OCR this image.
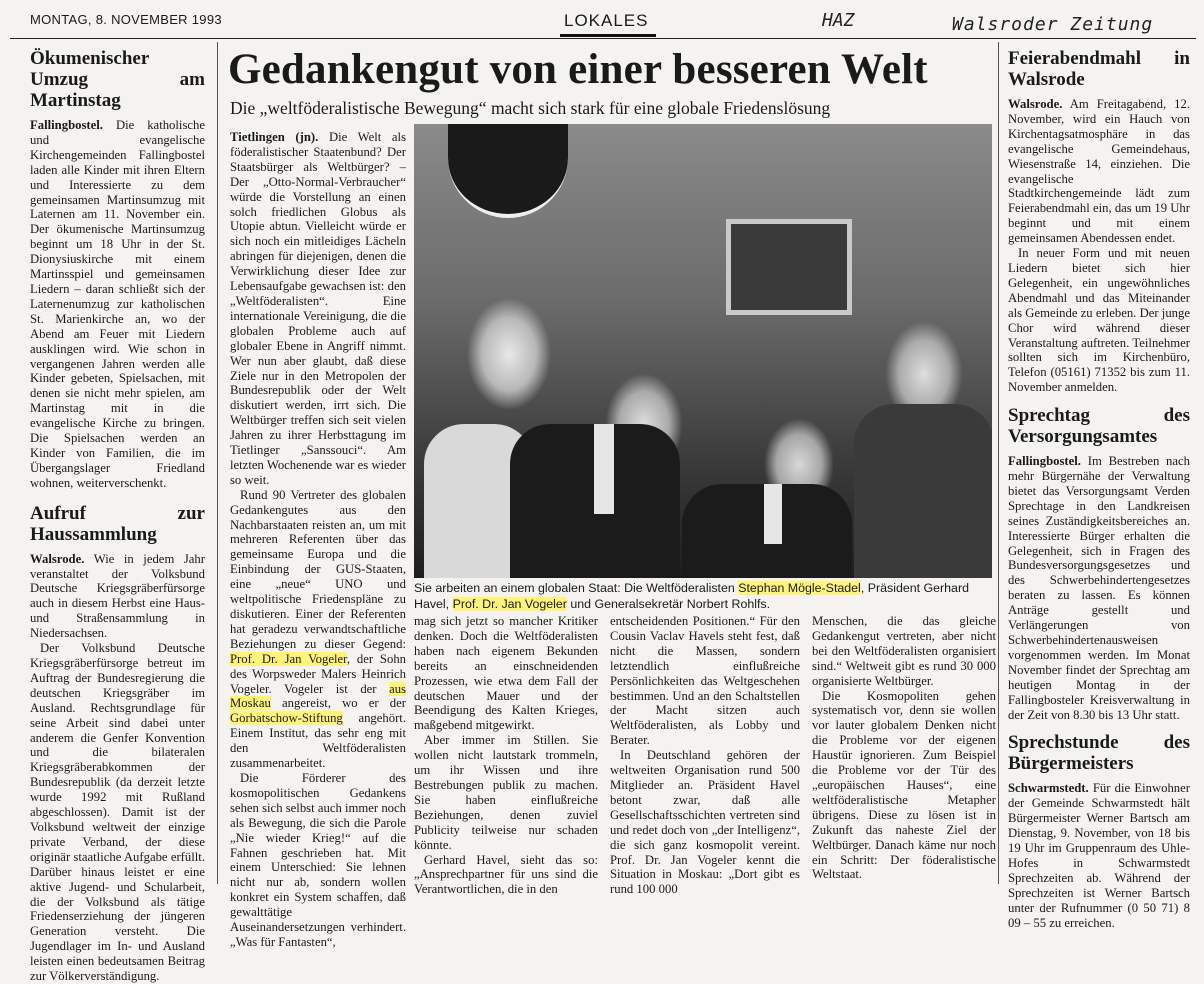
MONTAG, 8. NOVEMBER 1993	LOKALES	HAZ	Walsroder Zeitung
Ökumenischer Umzug am Martinstag

Fallingbostel. Die katholische und evangelische Kirchengemeinden Fallingbostel laden alle Kinder mit ihren Eltern und Interessierte zu dem gemeinsamen Martinsumzug mit Laternen am 11. November ein. Der ökumenische Martinsumzug beginnt um 18 Uhr in der St. Dionysiuskirche mit einem Martinsspiel und gemeinsamen Liedern – daran schließt sich der Laternenumzug zur katholischen St. Marienkirche an, wo der Abend am Feuer mit Liedern ausklingen wird. Wie schon in vergangenen Jahren werden alle Kinder gebeten, Spielsachen, mit denen sie nicht mehr spielen, am Martinstag mit in die evangelische Kirche zu bringen. Die Spielsachen werden an Kinder von Familien, die im Übergangslager Friedland wohnen, weiterverschenkt.

Aufruf zur Haussammlung

Walsrode. Wie in jedem Jahr veranstaltet der Volksbund Deutsche Kriegsgräberfürsorge auch in diesem Herbst eine Haus- und Straßensammlung in Niedersachsen.

Der Volksbund Deutsche Kriegsgräberfürsorge betreut im Auftrag der Bundesregierung die deutschen Kriegsgräber im Ausland. Rechtsgrundlage für seine Arbeit sind dabei unter anderem die Genfer Konvention und die bilateralen Kriegsgräberabkommen der Bundesrepublik (da derzeit letzte wurde 1992 mit Rußland abgeschlossen). Damit ist der Volksbund weltweit der einzige private Verband, der diese originär staatliche Aufgabe erfüllt. Darüber hinaus leistet er eine aktive Jugend- und Schularbeit, die der Volksbund als tätige Friedenserziehung der jüngeren Generation versteht. Die Jugendlager im In- und Ausland leisten einen bedeutsamen Beitrag zur Völkerverständigung.

Gedankengut von einer besseren Welt
Die „weltföderalistische Bewegung“ macht sich stark für eine globale Friedenslösung

Tietlingen (jn). Die Welt als föderalistischer Staatenbund? Der Staatsbürger als Weltbürger? – Der „Otto-Normal-Verbraucher“ würde die Vorstellung an einen solch friedlichen Globus als Utopie abtun. Vielleicht würde er sich noch ein mitleidiges Lächeln abringen für diejenigen, denen die Verwirklichung dieser Idee zur Lebensaufgabe gewachsen ist: den „Weltföderalisten“. Eine internationale Vereinigung, die die globalen Probleme auch auf globaler Ebene in Angriff nimmt. Wer nun aber glaubt, daß diese Ziele nur in den Metropolen der Bundesrepublik oder der Welt diskutiert werden, irrt sich. Die Weltbürger treffen sich seit vielen Jahren zu ihrer Herbsttagung im Tietlinger „Sanssouci“. Am letzten Wochenende war es wieder so weit.

Rund 90 Vertreter des globalen Gedankengutes aus den Nachbarstaaten reisten an, um mit mehreren Referenten über das gemeinsame Europa und die Einbindung der GUS-Staaten, eine „neue“ UNO und weltpolitische Friedenspläne zu diskutieren. Einer der Referenten hat geradezu verwandtschaftliche Beziehungen zu dieser Gegend: Prof. Dr. Jan Vogeler, der Sohn des Worpsweder Malers Heinrich Vogeler. Vogeler ist der aus Moskau angereist, wo er der Gorbatschow-Stiftung angehört. Einem Institut, das sehr eng mit den Weltföderalisten zusammenarbeitet.

Die Förderer des kosmopolitischen Gedankens sehen sich selbst auch immer noch als Bewegung, die sich die Parole „Nie wieder Krieg!“ auf die Fahnen geschrieben hat. Mit einem Unterschied: Sie lehnen nicht nur ab, sondern wollen konkret ein System schaffen, daß gewalttätige Auseinandersetzungen verhindert. „Was für Fantasten“,

Sie arbeiten an einem globalen Staat: Die Weltföderalisten Stephan Mögle-Stadel, Präsident Gerhard Havel, Prof. Dr. Jan Vogeler und Generalsekretär Norbert Rohlfs.

mag sich jetzt so mancher Kritiker denken. Doch die Weltföderalisten haben nach eigenem Bekunden bereits an einschneidenden Prozessen, wie etwa dem Fall der deutschen Mauer und der Beendigung des Kalten Krieges, maßgebend mitgewirkt.

Aber immer im Stillen. Sie wollen nicht lautstark trommeln, um ihr Wissen und ihre Bestrebungen publik zu machen. Sie haben einflußreiche Beziehungen, denen zuviel Publicity teilweise nur schaden könnte.

Gerhard Havel, sieht das so: „Ansprechpartner für uns sind die Verantwortlichen, die in den

entscheidenden Positionen.“ Für den Cousin Vaclav Havels steht fest, daß nicht die Massen, sondern letztendlich einflußreiche Persönlichkeiten das Weltgeschehen bestimmen. Und an den Schaltstellen der Macht sitzen auch Weltföderalisten, als Lobby und Berater.

In Deutschland gehören der weltweiten Organisation rund 500 Mitglieder an. Präsident Havel betont zwar, daß alle Gesellschaftsschichten vertreten sind und redet doch von „der Intelligenz“, die sich ganz kosmopolit vereint. Prof. Dr. Jan Vogeler kennt die Situation in Moskau: „Dort gibt es rund 100 000

Menschen, die das gleiche Gedankengut vertreten, aber nicht bei den Weltföderalisten organisiert sind.“ Weltweit gibt es rund 30 000 organisierte Weltbürger.

Die Kosmopoliten gehen systematisch vor, denn sie wollen vor lauter globalem Denken nicht die Probleme vor der eigenen Haustür ignorieren. Zum Beispiel die Probleme vor der Tür des „europäischen Hauses“, eine weltföderalistische Metapher übrigens. Diese zu lösen ist in Zukunft das naheste Ziel der Weltbürger. Danach käme nur noch ein Schritt: Der föderalistische Weltstaat.

Feierabendmahl in Walsrode

Walsrode. Am Freitagabend, 12. November, wird ein Hauch von Kirchentagsatmosphäre in das evangelische Gemeindehaus, Wiesenstraße 14, einziehen. Die evangelische Stadtkirchengemeinde lädt zum Feierabendmahl ein, das um 19 Uhr beginnt und mit einem gemeinsamen Abendessen endet.

In neuer Form und mit neuen Liedern bietet sich hier Gelegenheit, ein ungewöhnliches Abendmahl und das Miteinander als Gemeinde zu erleben. Der junge Chor wird während dieser Veranstaltung auftreten. Teilnehmer sollten sich im Kirchenbüro, Telefon (05161) 71352 bis zum 11. November anmelden.

Sprechtag des Versorgungsamtes

Fallingbostel. Im Bestreben nach mehr Bürgernähe der Verwaltung bietet das Versorgungsamt Verden Sprechtage in den Landkreisen seines Zuständigkeitsbereiches an. Interessierte Bürger erhalten die Gelegenheit, sich in Fragen des Bundesversorgungsgesetzes und des Schwerbehindertengesetzes beraten zu lassen. Es können Anträge gestellt und Verlängerungen von Schwerbehindertenausweisen vorgenommen werden. Im Monat November findet der Sprechtag am heutigen Montag in der Fallingbosteler Kreisverwaltung in der Zeit von 8.30 bis 13 Uhr statt.

Sprechstunde des Bürgermeisters

Schwarmstedt. Für die Einwohner der Gemeinde Schwarmstedt hält Bürgermeister Werner Bartsch am Dienstag, 9. November, von 18 bis 19 Uhr im Gruppenraum des Uhle-Hofes in Schwarmstedt Sprechzeiten ab. Während der Sprechzeiten ist Werner Bartsch unter der Rufnummer (0 50 71) 8 09 – 55 zu erreichen.
